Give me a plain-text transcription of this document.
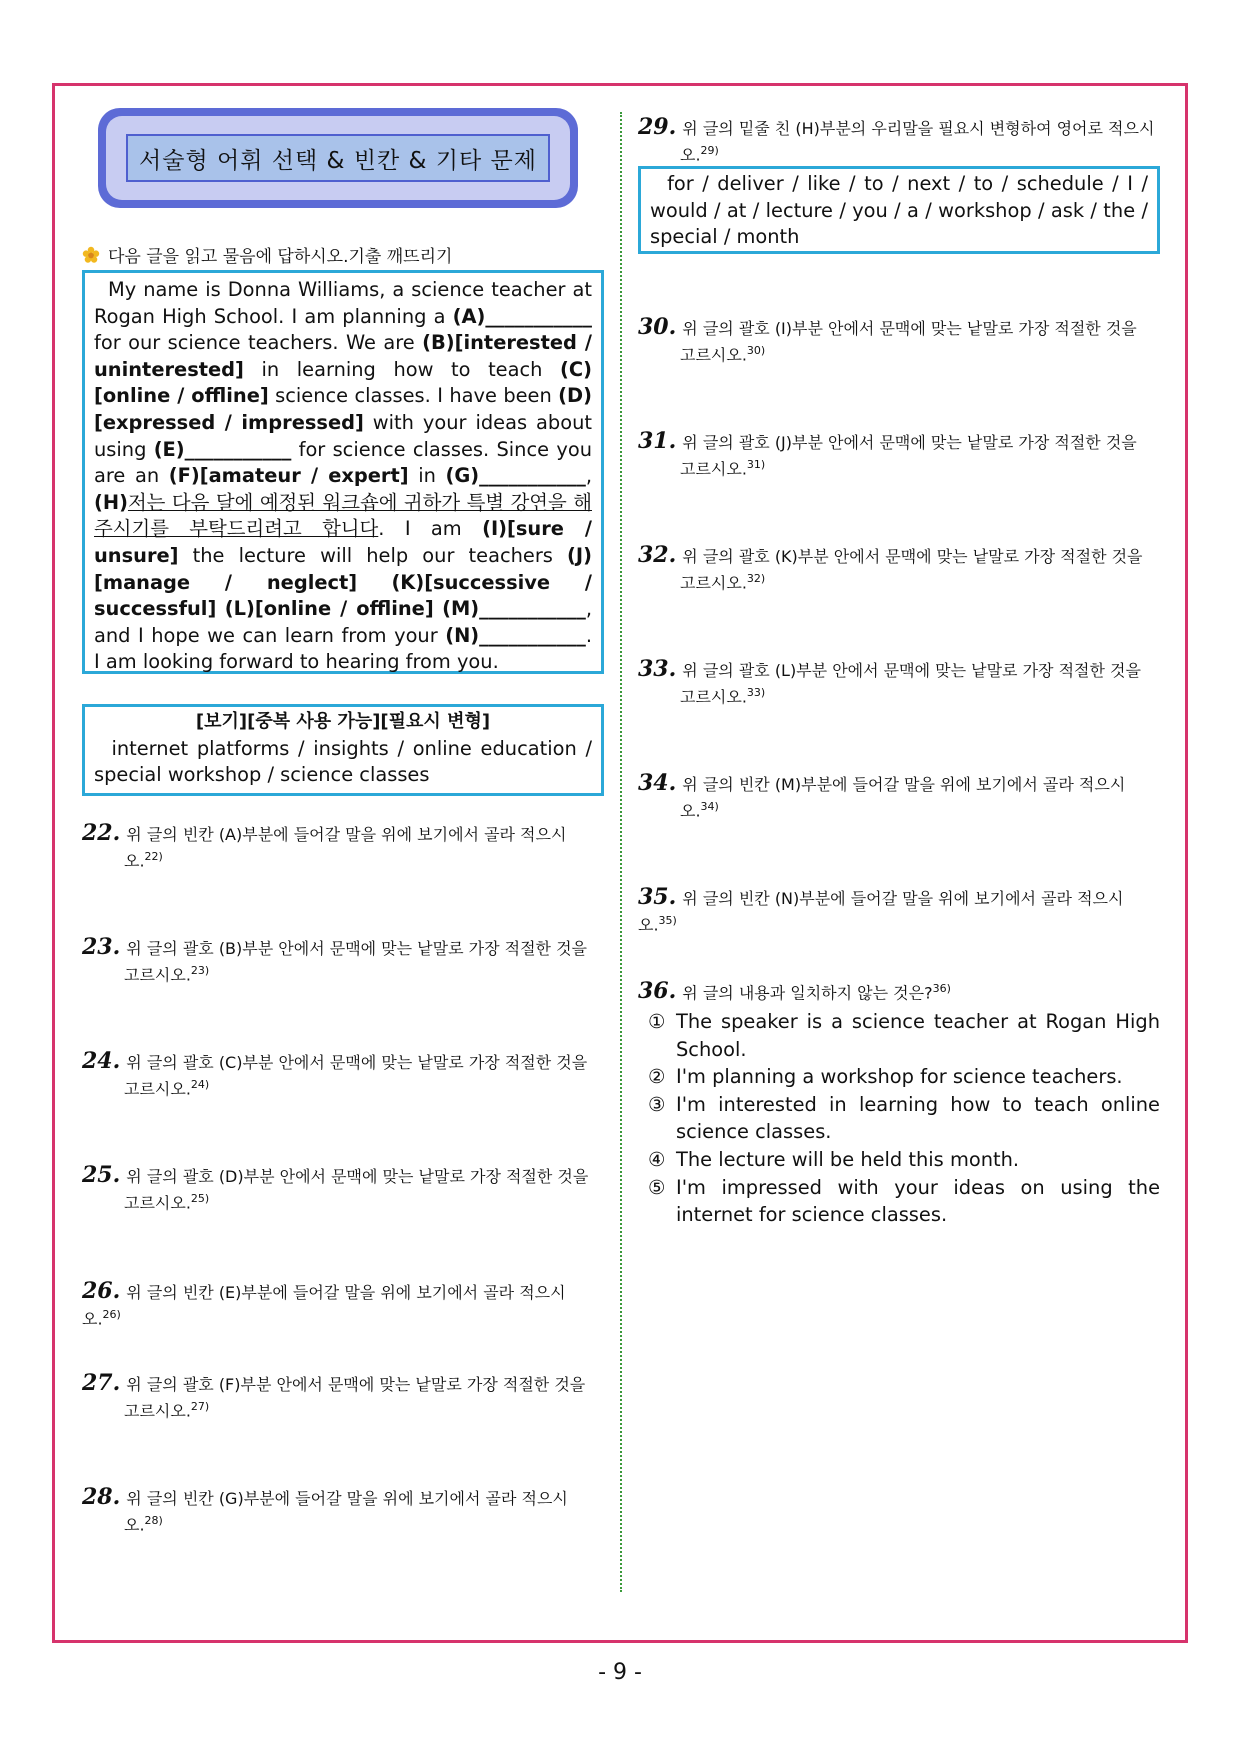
서술형 어휘 선택 & 빈칸 & 기타 문제
다음 글을 읽고 물음에 답하시오.기출 깨뜨리기
My name is Donna Williams, a science teacher at Rogan High School. I am planning a (A)___________ for our science teachers. We are (B)[interested / uninterested] in learning how to teach (C)[online / offline] science classes. I have been (D)[expressed / impressed] with your ideas about using (E)___________ for science classes. Since you are an (F)[amateur / expert] in (G)___________, (H)저는 다음 달에 예정된 워크숍에 귀하가 특별 강연을 해 주시기를 부탁드리려고 합니다. I am (I)[sure / unsure] the lecture will help our teachers (J)[manage / neglect] (K)[successive / successful] (L)[online / offline] (M)___________, and I hope we can learn from your (N)___________. I am looking forward to hearing from you.
[보기][중복 사용 가능][필요시 변형]
internet platforms / insights / online education / special workshop / science classes
22. 위 글의 빈칸 (A)부분에 들어갈 말을 위에 보기에서 골라 적으시
오.$^{22)}$
23. 위 글의 괄호 (B)부분 안에서 문맥에 맞는 낱말로 가장 적절한 것을
고르시오.$^{23)}$
24. 위 글의 괄호 (C)부분 안에서 문맥에 맞는 낱말로 가장 적절한 것을
고르시오.$^{24)}$
25. 위 글의 괄호 (D)부분 안에서 문맥에 맞는 낱말로 가장 적절한 것을
고르시오.$^{25)}$
26. 위 글의 빈칸 (E)부분에 들어갈 말을 위에 보기에서 골라 적으시오.$^{26)}$
27. 위 글의 괄호 (F)부분 안에서 문맥에 맞는 낱말로 가장 적절한 것을
고르시오.$^{27)}$
28. 위 글의 빈칸 (G)부분에 들어갈 말을 위에 보기에서 골라 적으시
오.$^{28)}$
29. 위 글의 밑줄 친 (H)부분의 우리말을 필요시 변형하여 영어로 적으시
오.$^{29)}$
for / deliver / like / to / next / to / schedule / I / would / at / lecture / you / a / workshop / ask / the / special / month
30. 위 글의 괄호 (I)부분 안에서 문맥에 맞는 낱말로 가장 적절한 것을
고르시오.$^{30)}$
31. 위 글의 괄호 (J)부분 안에서 문맥에 맞는 낱말로 가장 적절한 것을
고르시오.$^{31)}$
32. 위 글의 괄호 (K)부분 안에서 문맥에 맞는 낱말로 가장 적절한 것을
고르시오.$^{32)}$
33. 위 글의 괄호 (L)부분 안에서 문맥에 맞는 낱말로 가장 적절한 것을
고르시오.$^{33)}$
34. 위 글의 빈칸 (M)부분에 들어갈 말을 위에 보기에서 골라 적으시
오.$^{34)}$
35. 위 글의 빈칸 (N)부분에 들어갈 말을 위에 보기에서 골라 적으시오.$^{35)}$
36. 위 글의 내용과 일치하지 않는 것은?$^{36)}$
① The speaker is a science teacher at Rogan High School.
② I'm planning a workshop for science teachers.
③ I'm interested in learning how to teach online science classes.
④ The lecture will be held this month.
⑤ I'm impressed with your ideas on using the internet for science classes.
- 9 -
